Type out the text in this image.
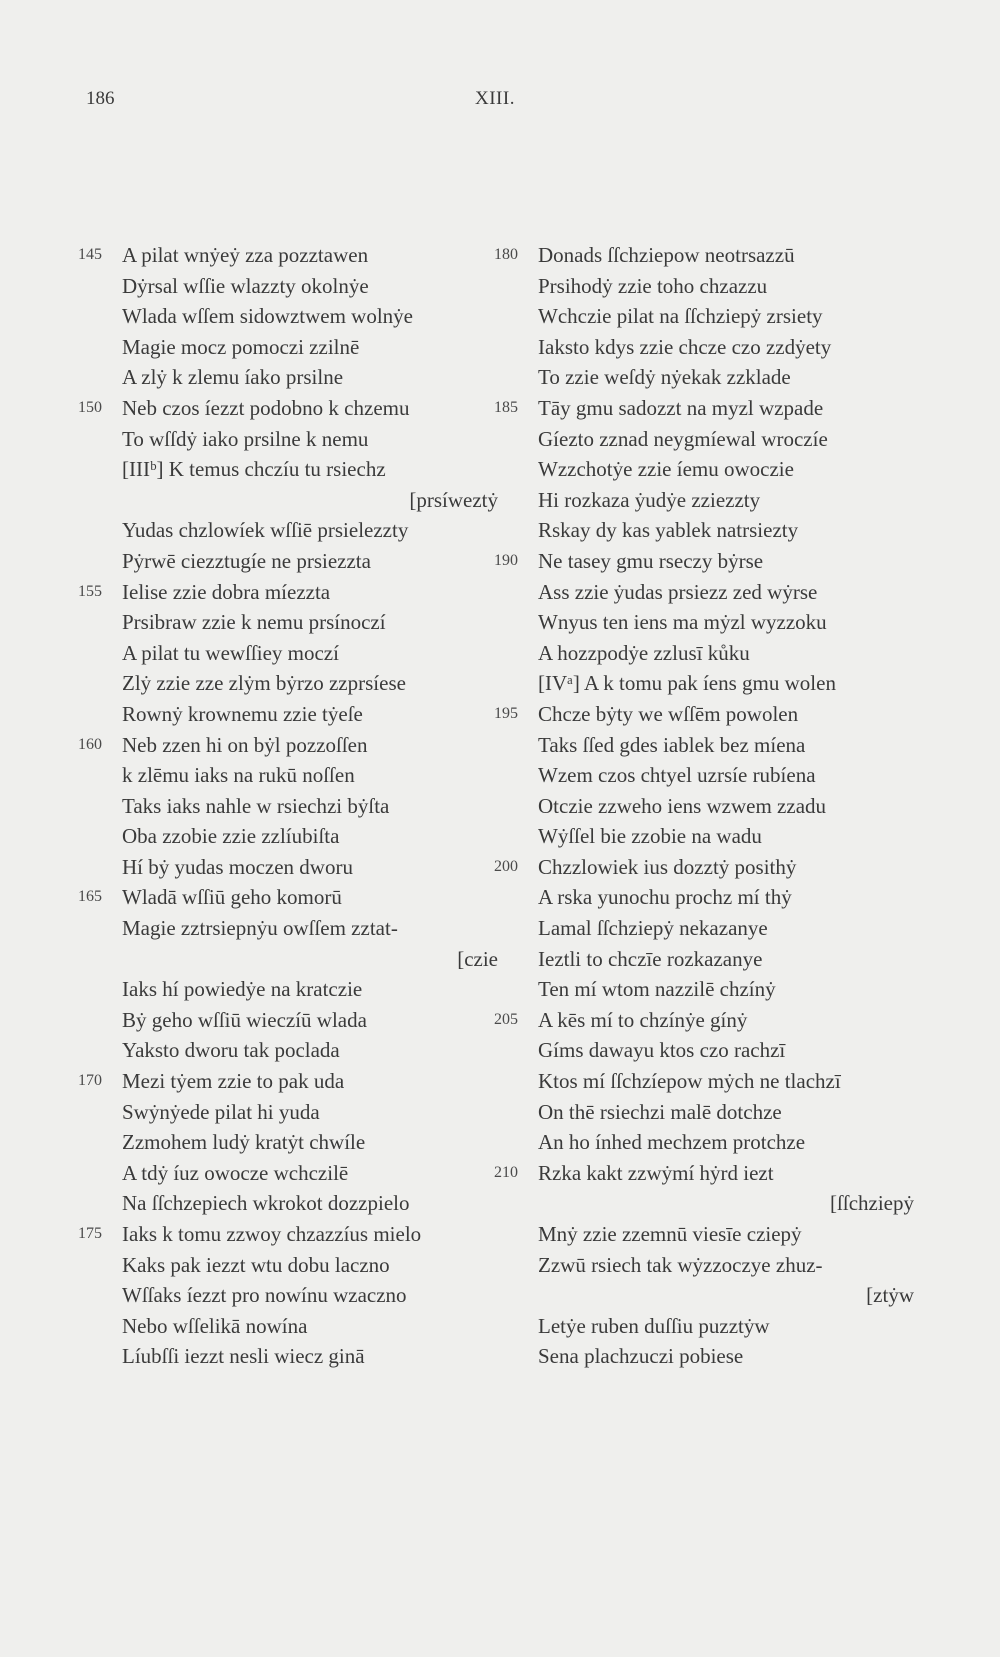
186	XIII.
145 A pilat wnẏeẏ zza pozztawen
Dẏrsal wſſie wlazzty okolnẏe
Wlada wſſem sidowztwem wolnẏe
Magie mocz pomoczi zzilnē
A zlẏ k zlemu íako prsilne
150 Neb czos íezzt podobno k chzemu
To wſſdẏ iako prsilne k nemu
[IIIᵇ] K temus chczíu tu rsiechz
[prsíweztẏ
Yudas chzlowíek wſſiē prsielezzty
Pẏrwē ciezztugíe ne prsiezzta
155 Ielise zzie dobra míezzta
Prsibraw zzie k nemu prsínoczí
A pilat tu wewſſiey moczí
Zlẏ zzie zze zlẏm bẏrzo zzprsíese
Rownẏ krownemu zzie tẏeſe
160 Neb zzen hi on bẏl pozzoſſen
k zlēmu iaks na rukū noſſen
Taks iaks nahle w rsiechzi bẏſta
Oba zzobie zzie zzlíubiſta
Hí bẏ yudas moczen dworu
165 Wladā wſſiū geho komorū
Magie zztrsiepnẏu owſſem zztat-
[czie
Iaks hí powiedẏe na kratczie
Bẏ geho wſſiū wieczíū wlada
Yaksto dworu tak poclada
170 Mezi tẏem zzie to pak uda
Swẏnẏede pilat hi yuda
Zzmohem ludẏ kratẏt chwíle
A tdẏ íuz owocze wchczilē
Na ſſchzepiech wkrokot dozzpielo
175 Iaks k tomu zzwoy chzazzíus mielo
Kaks pak iezzt wtu dobu laczno
Wſſaks íezzt pro nowínu wzaczno
Nebo wſſelikā nowína
Líubſſi iezzt nesli wiecz ginā
180 Donads ſſchziepow neotrsazzū
Prsihodẏ zzie toho chzazzu
Wchczie pilat na ſſchziepẏ zrsiety
Iaksto kdys zzie chcze czo zzdẏety
To zzie weſdẏ nẏekak zzklade
185 Tāy gmu sadozzt na myzl wzpade
Gíezto zznad neygmíewal wroczíe
Wzzchotẏe zzie íemu owoczie
Hi rozkaza ẏudẏe zziezzty
Rskay dy kas yablek natrsiezty
190 Ne tasey gmu rseczy bẏrse
Ass zzie ẏudas prsiezz zed wẏrse
Wnyus ten iens ma mẏzl wyzzoku
A hozzpodẏe zzlusī kůku
[IVᵃ] A k tomu pak íens gmu wolen
195 Chcze bẏty we wſſēm powolen
Taks ſſed gdes iablek bez míena
Wzem czos chtyel uzrsíe rubíena
Otczie zzweho iens wzwem zzadu
Wẏſſel bie zzobie na wadu
200 Chzzlowiek ius dozztẏ posithẏ
A rska yunochu prochz mí thẏ
Lamal ſſchziepẏ nekazanye
Ieztli to chczīe rozkazanye
Ten mí wtom nazzilē chzínẏ
205 A kēs mí to chzínẏe gínẏ
Gíms dawayu ktos czo rachzī
Ktos mí ſſchzíepow mẏch ne tlachzī
On thē rsiechzi malē dotchze
An ho ínhed mechzem protchze
210 Rzka kakt zzwẏmí hẏrd iezt
[ſſchziepẏ
Mnẏ zzie zzemnū viesīe cziepẏ
Zzwū rsiech tak wẏzzoczye zhuz-
[ztẏw
Letẏe ruben duſſiu puzztẏw
Sena plachzuczi pobiese
